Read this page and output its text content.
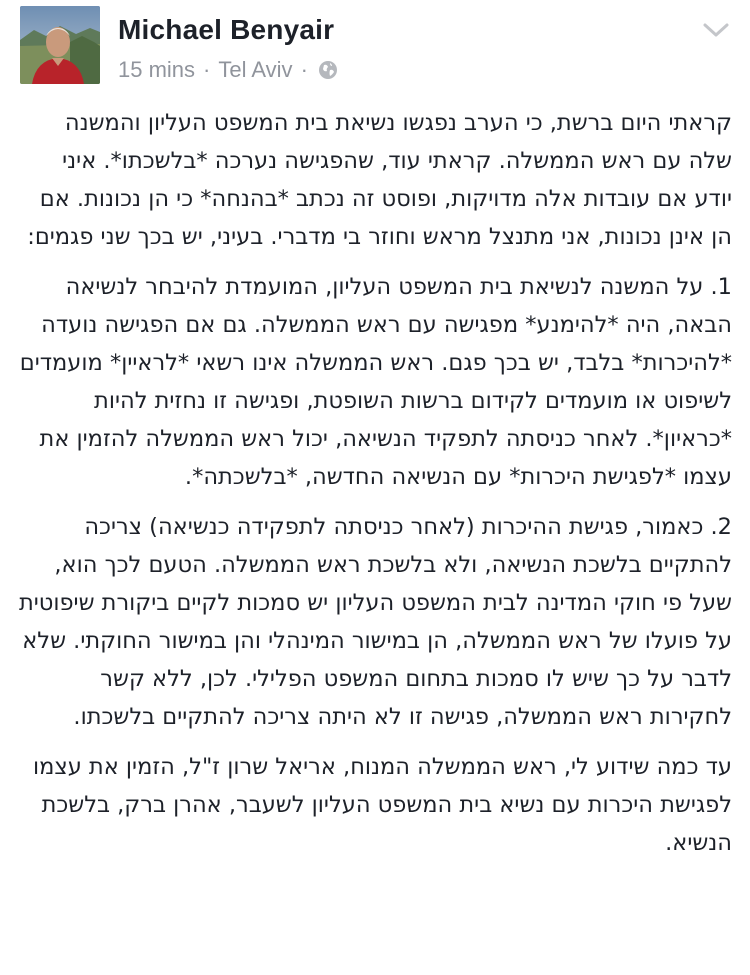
Michael Benyair
15 mins · Tel Aviv ·

קראתי היום ברשת, כי הערב נפגשו נשיאת בית המשפט העליון והמשנה שלה עם ראש הממשלה. קראתי עוד, שהפגישה נערכה *בלשכתו*. איני יודע אם עובדות אלה מדויקות, ופוסט זה נכתב *בהנחה* כי הן נכונות. אם הן אינן נכונות, אני מתנצל מראש וחוזר בי מדברי. בעיני, יש בכך שני פגמים:

1. על המשנה לנשיאת בית המשפט העליון, המועמדת להיבחר לנשיאה הבאה, היה *להימנע* מפגישה עם ראש הממשלה. גם אם הפגישה נועדה *להיכרות* בלבד, יש בכך פגם. ראש הממשלה אינו רשאי *לראיין* מועמדים לשיפוט או מועמדים לקידום ברשות השופטת, ופגישה זו נחזית להיות *כראיון*. לאחר כניסתה לתפקיד הנשיאה, יכול ראש הממשלה להזמין את עצמו *לפגישת היכרות* עם הנשיאה החדשה, *בלשכתה*.

2. כאמור, פגישת ההיכרות (לאחר כניסתה לתפקידה כנשיאה) צריכה להתקיים בלשכת הנשיאה, ולא בלשכת ראש הממשלה. הטעם לכך הוא, שעל פי חוקי המדינה לבית המשפט העליון יש סמכות לקיים ביקורת שיפוטית על פועלו של ראש הממשלה, הן במישור המינהלי והן במישור החוקתי. שלא לדבר על כך שיש לו סמכות בתחום המשפט הפלילי. לכן, ללא קשר לחקירות ראש הממשלה, פגישה זו לא היתה צריכה להתקיים בלשכתו.

עד כמה שידוע לי, ראש הממשלה המנוח, אריאל שרון ז"ל, הזמין את עצמו לפגישת היכרות עם נשיא בית המשפט העליון לשעבר, אהרן ברק, בלשכת הנשיא.
